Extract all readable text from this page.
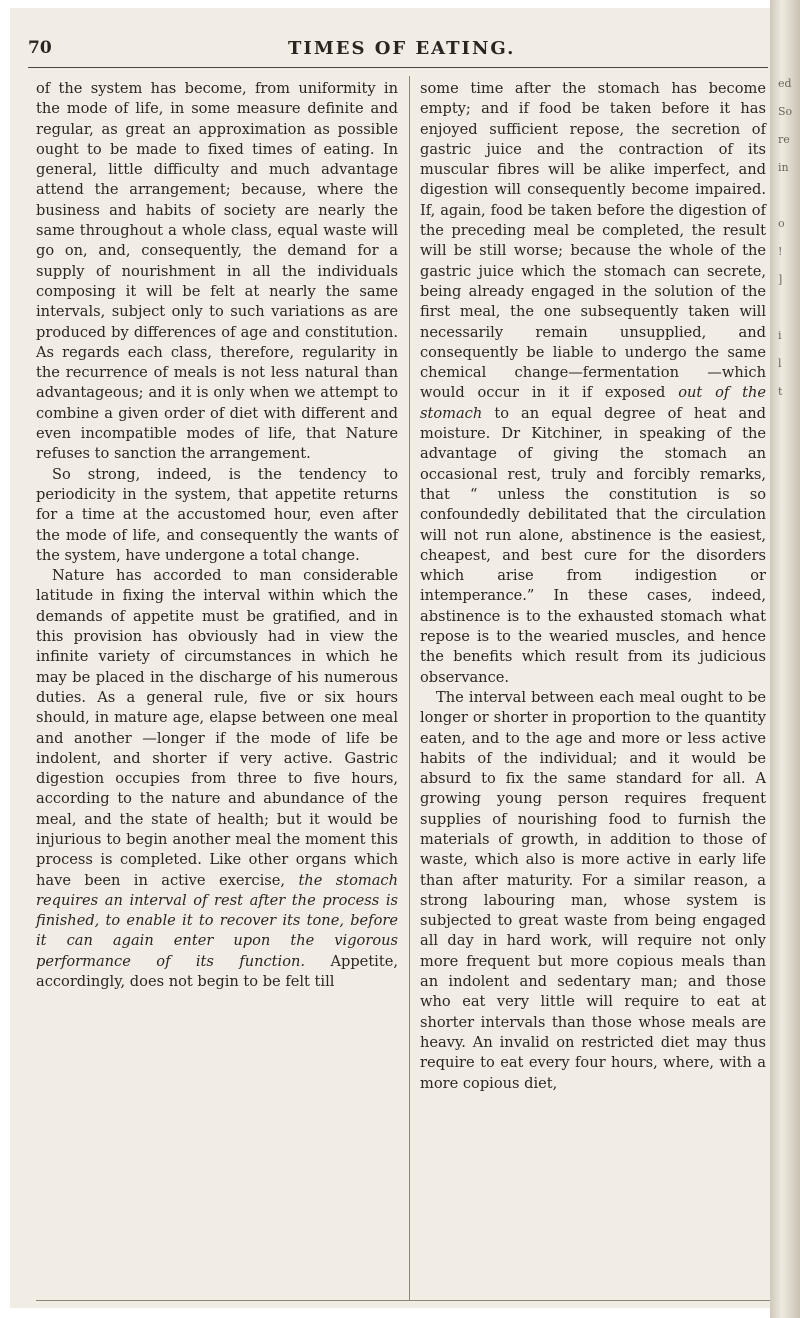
ed
So
re
in

o
!
]

i
l
t

70	TIMES OF EATING.

of the system has become, from uniformity in the mode of life, in some measure definite and regular, as great an approximation as possible ought to be made to fixed times of eating. In general, little difficulty and much advantage attend the arrangement; because, where the business and habits of society are nearly the same throughout a whole class, equal waste will go on, and, consequently, the demand for a supply of nourishment in all the individuals composing it will be felt at nearly the same intervals, subject only to such variations as are produced by differences of age and constitution. As regards each class, therefore, regularity in the recurrence of meals is not less natural than advantageous; and it is only when we attempt to combine a given order of diet with different and even incompatible modes of life, that Nature refuses to sanction the arrangement.

So strong, indeed, is the tendency to periodicity in the system, that appetite returns for a time at the accustomed hour, even after the mode of life, and consequently the wants of the system, have undergone a total change.

Nature has accorded to man considerable latitude in fixing the interval within which the demands of appetite must be gratified, and in this provision has obviously had in view the infinite variety of circumstances in which he may be placed in the discharge of his numerous duties. As a general rule, five or six hours should, in mature age, elapse between one meal and another —longer if the mode of life be indolent, and shorter if very active. Gastric digestion occupies from three to five hours, according to the nature and abundance of the meal, and the state of health; but it would be injurious to begin another meal the moment this process is completed. Like other organs which have been in active exercise, the stomach requires an interval of rest after the process is finished, to enable it to recover its tone, before it can again enter upon the vigorous performance of its function. Appetite, accordingly, does not begin to be felt till

some time after the stomach has become empty; and if food be taken before it has enjoyed sufficient repose, the secretion of gastric juice and the contraction of its muscular fibres will be alike imperfect, and digestion will consequently become impaired. If, again, food be taken before the digestion of the preceding meal be completed, the result will be still worse; because the whole of the gastric juice which the stomach can secrete, being already engaged in the solution of the first meal, the one subsequently taken will necessarily remain unsupplied, and consequently be liable to undergo the same chemical change—fermentation —which would occur in it if exposed out of the stomach to an equal degree of heat and moisture. Dr Kitchiner, in speaking of the advantage of giving the stomach an occasional rest, truly and forcibly remarks, that “ unless the constitution is so confoundedly debilitated that the circulation will not run alone, abstinence is the easiest, cheapest, and best cure for the disorders which arise from indigestion or intemperance.” In these cases, indeed, abstinence is to the exhausted stomach what repose is to the wearied muscles, and hence the benefits which result from its judicious observance.

The interval between each meal ought to be longer or shorter in proportion to the quantity eaten, and to the age and more or less active habits of the individual; and it would be absurd to fix the same standard for all. A growing young person requires frequent supplies of nourishing food to furnish the materials of growth, in addition to those of waste, which also is more active in early life than after maturity. For a similar reason, a strong labouring man, whose system is subjected to great waste from being engaged all day in hard work, will require not only more frequent but more copious meals than an indolent and sedentary man; and those who eat very little will require to eat at shorter intervals than those whose meals are heavy. An invalid on restricted diet may thus require to eat every four hours, where, with a more copious diet,
